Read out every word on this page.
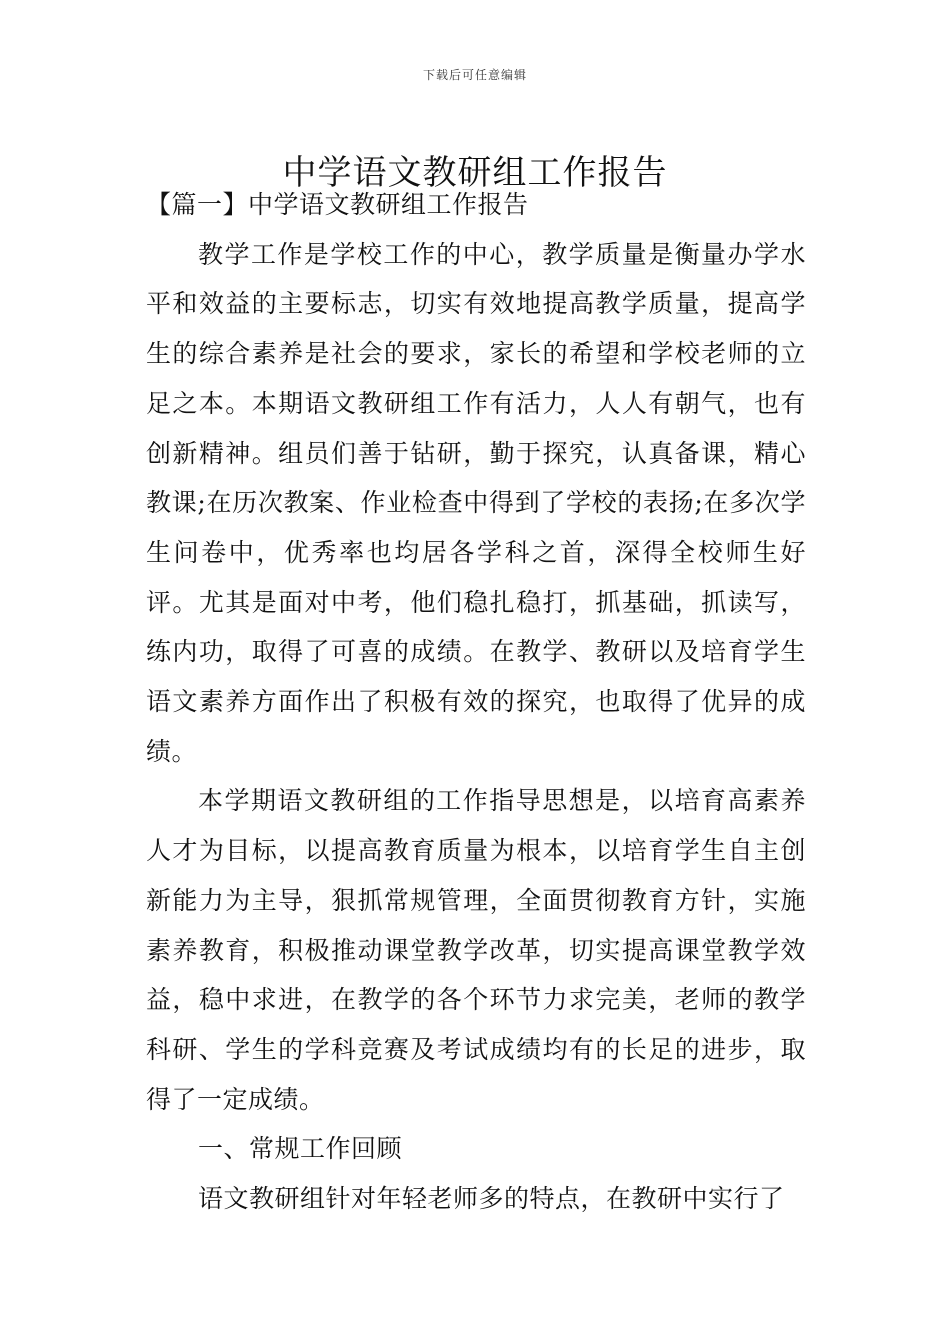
下载后可任意编辑
中学语文教研组工作报告

【篇一】中学语文教研组工作报告

教学工作是学校工作的中心，教学质量是衡量办学水平和效益的主要标志，切实有效地提高教学质量，提高学生的综合素养是社会的要求，家长的希望和学校老师的立足之本。本期语文教研组工作有活力，人人有朝气，也有创新精神。组员们善于钻研，勤于探究，认真备课，精心教课;在历次教案、作业检查中得到了学校的表扬;在多次学生问卷中，优秀率也均居各学科之首，深得全校师生好评。尤其是面对中考，他们稳扎稳打，抓基础，抓读写，练内功，取得了可喜的成绩。在教学、教研以及培育学生语文素养方面作出了积极有效的探究，也取得了优异的成绩。

本学期语文教研组的工作指导思想是，以培育高素养人才为目标，以提高教育质量为根本，以培育学生自主创新能力为主导，狠抓常规管理，全面贯彻教育方针，实施素养教育，积极推动课堂教学改革，切实提高课堂教学效益，稳中求进，在教学的各个环节力求完美，老师的教学科研、学生的学科竞赛及考试成绩均有的长足的进步，取得了一定成绩。

一、常规工作回顾

语文教研组针对年轻老师多的特点，在教研中实行了
